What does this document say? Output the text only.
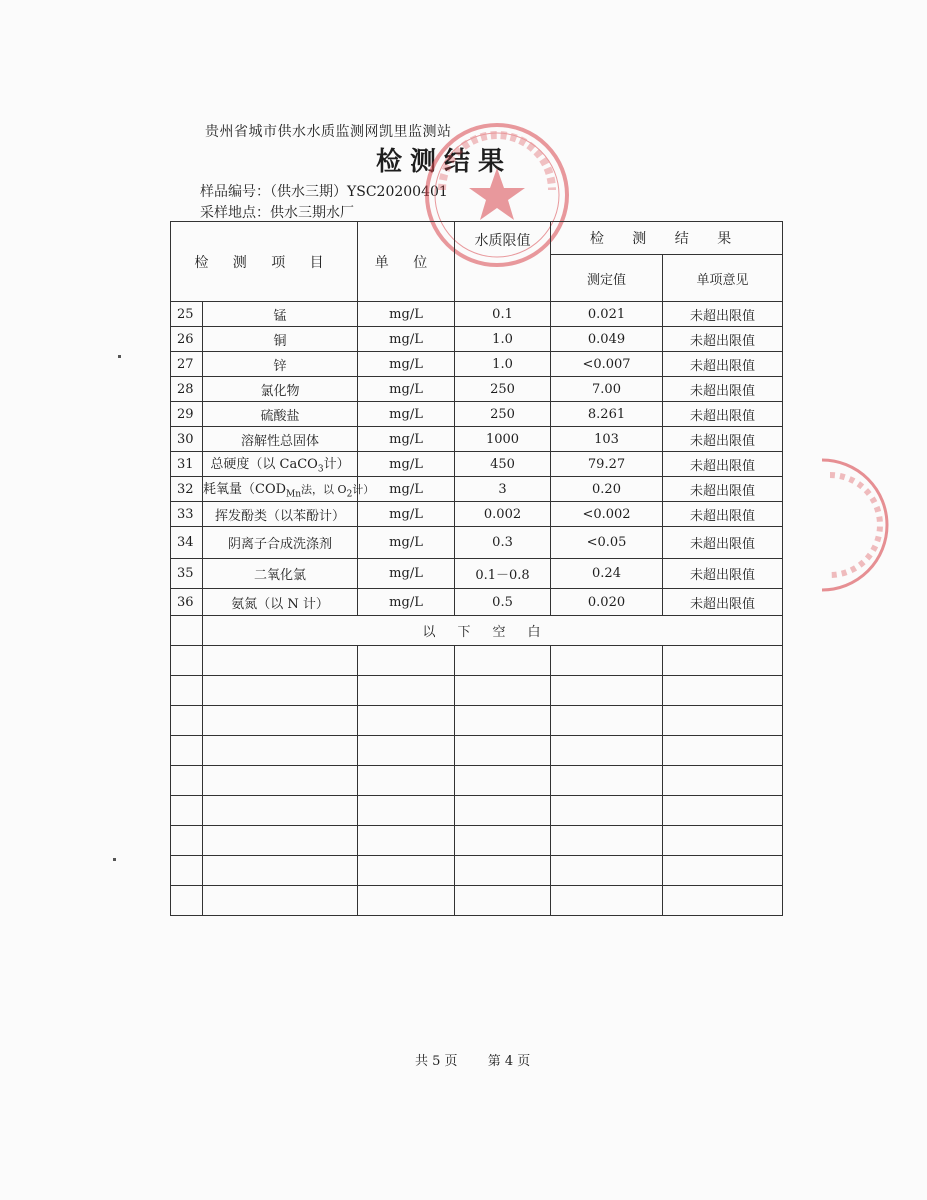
贵州省城市供水水质监测网凯里监测站
检测结果
样品编号：（供水三期）YSC20200401
采样地点：供水三期水厂
检 测 项 目		单 位	水质限值	检 测 结 果	
				测定值	单项意见
25	锰	mg/L	0.1	0.021	未超出限值
26	铜	mg/L	1.0	0.049	未超出限值
27	锌	mg/L	1.0	<0.007	未超出限值
28	氯化物	mg/L	250	7.00	未超出限值
29	硫酸盐	mg/L	250	8.261	未超出限值
30	溶解性总固体	mg/L	1000	103	未超出限值
31	总硬度（以 CaCO$_3$计）	mg/L	450	79.27	未超出限值
32	耗氧量（$COD_{Mn}$法，以 $O_2$计）	mg/L	3	0.20	未超出限值
33	挥发酚类（以苯酚计）	mg/L	0.002	<0.002	未超出限值
34	阴离子合成洗涤剂	mg/L	0.3	<0.05	未超出限值
35	二氧化氯	mg/L	0.1－0.8	0.24	未超出限值
36	氨氮（以 N 计）	mg/L	0.5	0.020	未超出限值
	以下空白				

共 5 页 第 4 页
